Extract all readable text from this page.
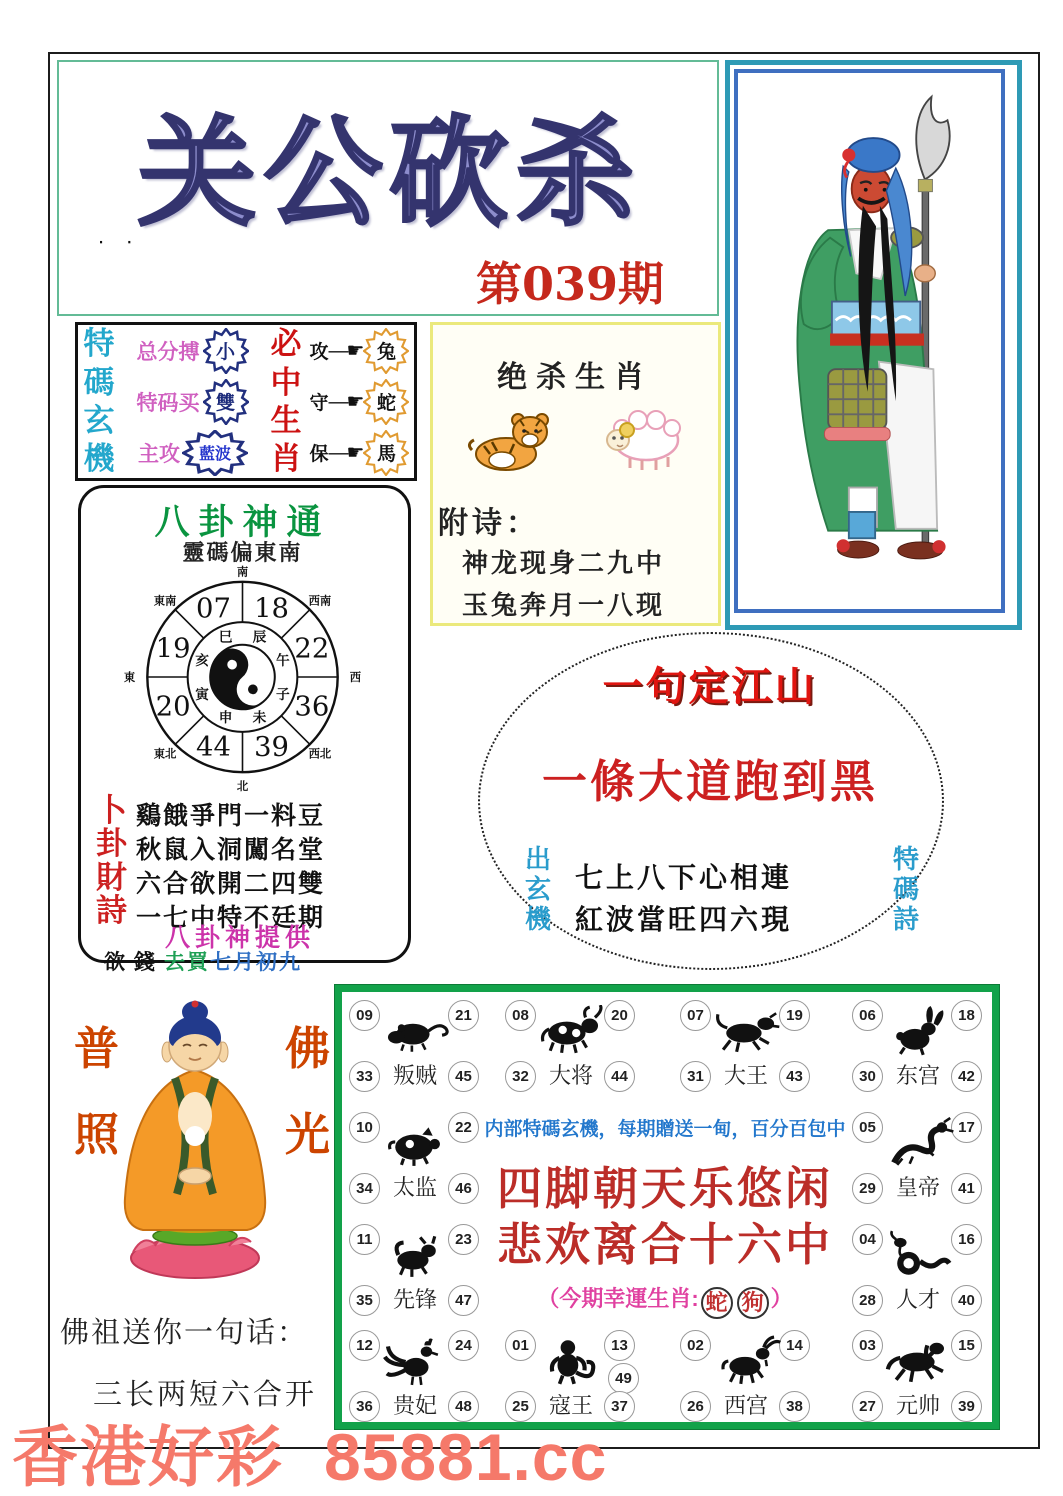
关公砍杀
∙ ∙
第039期
特
碼
玄
機
总分搏 小
特码买 雙
主攻	藍波
必
中
生
肖
攻 —☛ 兔
守 —☛ 蛇
保 —☛ 馬
绝杀生肖
附诗：
神龙现身二九中
玉兔奔月一八现
八卦神通
靈碼偏東南
07 18
19	22
20	36
44 39
辰
午
子
未
申
寅
亥
巳
南
西南
西
西北
北
東北
東
東南
卜
卦
財
詩
鷄餓爭門一料豆
秋鼠入洞闖名堂
六合欲開二四雙
一七中特不廷期
八卦神提供
欲錢去買七月初九
一句定江山
一條大道跑到黑
出
玄
機
特
碼
詩
七上八下心相連
紅波當旺四六現
普
照
佛
光
佛祖送你一句话：
三长两短六合开
09	21
33 叛贼	45
08	20
32 大将	44
07	19
31 大王	43
06	18
30 东宫	42
10	22
34 太监	46
05	17
29 皇帝	41
11	23
35 先锋	47
04	16
28 人才	40
12	24
36 贵妃	48
01	13
49
25 寇王	37
02	14
26 西宫	38
03	15
27 元帅	39
内部特碼玄機，每期贈送一甸，百分百包中
四脚朝天乐悠闲
悲欢离合十六中
（今期幸運生肖: 蛇 狗 ）
香港好彩 85881.cc
